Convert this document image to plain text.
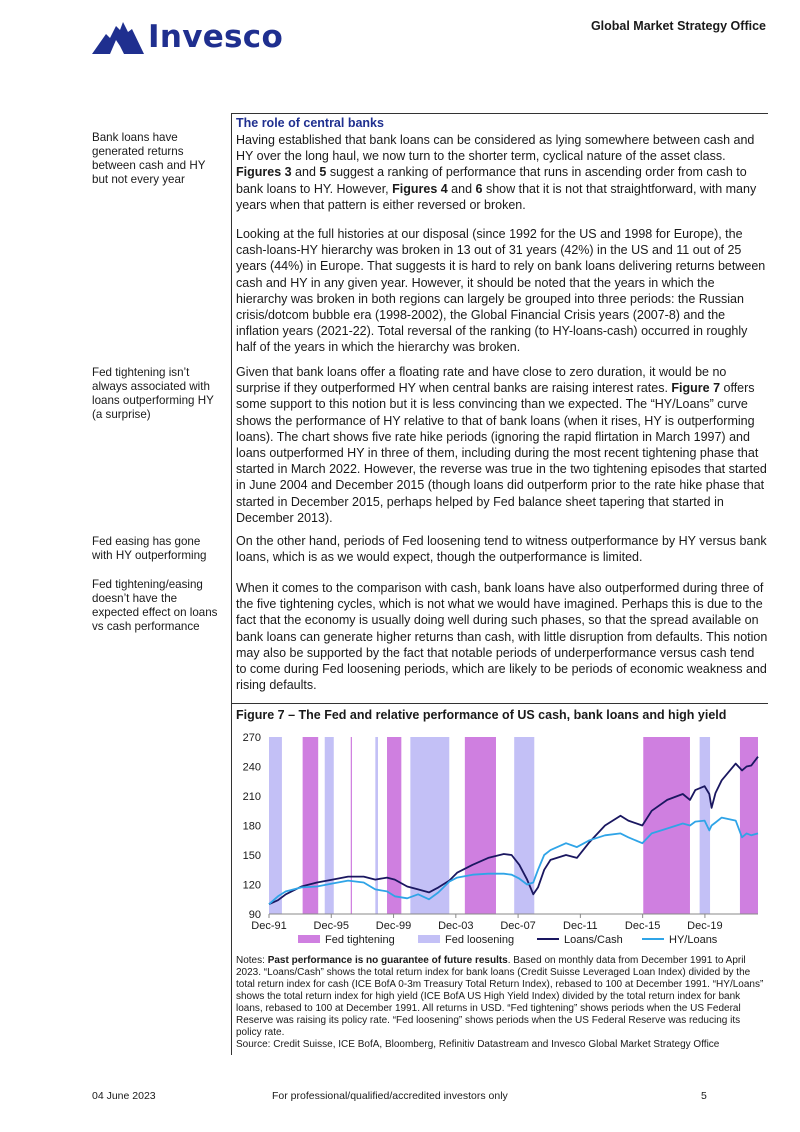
Invesco	Global Market Strategy Office
Bank loans have generated returns between cash and HY but not every year
Fed tightening isn’t always associated with loans outperforming HY (a surprise)
Fed easing has gone with HY outperforming
Fed tightening/easing doesn’t have the expected effect on loans vs cash performance
The role of central banks

Having established that bank loans can be considered as lying somewhere between cash and HY over the long haul, we now turn to the shorter term, cyclical nature of the asset class. Figures 3 and 5 suggest a ranking of performance that runs in ascending order from cash to bank loans to HY. However, Figures 4 and 6 show that it is not that straightforward, with many years when that pattern is either reversed or broken.

Looking at the full histories at our disposal (since 1992 for the US and 1998 for Europe), the cash-loans-HY hierarchy was broken in 13 out of 31 years (42%) in the US and 11 out of 25 years (44%) in Europe. That suggests it is hard to rely on bank loans delivering returns between cash and HY in any given year. However, it should be noted that the years in which the hierarchy was broken in both regions can largely be grouped into three periods: the Russian crisis/dotcom bubble era (1998-2002), the Global Financial Crisis years (2007-8) and the inflation years (2021-22). Total reversal of the ranking (to HY-loans-cash) occurred in roughly half of the years in which the hierarchy was broken.

Given that bank loans offer a floating rate and have close to zero duration, it would be no surprise if they outperformed HY when central banks are raising interest rates. Figure 7 offers some support to this notion but it is less convincing than we expected. The “HY/Loans” curve shows the performance of HY relative to that of bank loans (when it rises, HY is outperforming loans). The chart shows five rate hike periods (ignoring the rapid flirtation in March 1997) and loans outperformed HY in three of them, including during the most recent tightening phase that started in March 2022. However, the reverse was true in the two tightening episodes that started in June 2004 and December 2015 (though loans did outperform prior to the rate hike phase that started in December 2015, perhaps helped by Fed balance sheet tapering that started in December 2013).

On the other hand, periods of Fed loosening tend to witness outperformance by HY versus bank loans, which is as we would expect, though the outperformance is limited.
When it comes to the comparison with cash, bank loans have also outperformed during three of the five tightening cycles, which is not what we would have imagined. Perhaps this is due to the fact that the economy is usually doing well during such phases, so that the spread available on bank loans can generate higher returns than cash, with little disruption from defaults. This notion may also be supported by the fact that notable periods of underperformance versus cash tend to come during Fed loosening periods, which are likely to be periods of economic weakness and rising defaults.
Figure 7 – The Fed and relative performance of US cash, bank loans and high yield
90
120
150
180
210
240
270
Dec-91 Dec-95 Dec-99 Dec-03 Dec-07 Dec-11 Dec-15 Dec-19
Fed tightening	Fed loosening	Loans/Cash	HY/Loans

Notes: Past performance is no guarantee of future results. Based on monthly data from December 1991 to April 2023. “Loans/Cash” shows the total return index for bank loans (Credit Suisse Leveraged Loan Index) divided by the total return index for cash (ICE BofA 0-3m Treasury Total Return Index), rebased to 100 at December 1991. “HY/Loans” shows the total return index for high yield (ICE BofA US High Yield Index) divided by the total return index for bank loans, rebased to 100 at December 1991. All returns in USD. “Fed tightening” shows periods when the US Federal Reserve was raising its policy rate. “Fed loosening” shows periods when the US Federal Reserve was reducing its policy rate.

Source: Credit Suisse, ICE BofA, Bloomberg, Refinitiv Datastream and Invesco Global Market Strategy Office

04 June 2023	For professional/qualified/accredited investors only	5
